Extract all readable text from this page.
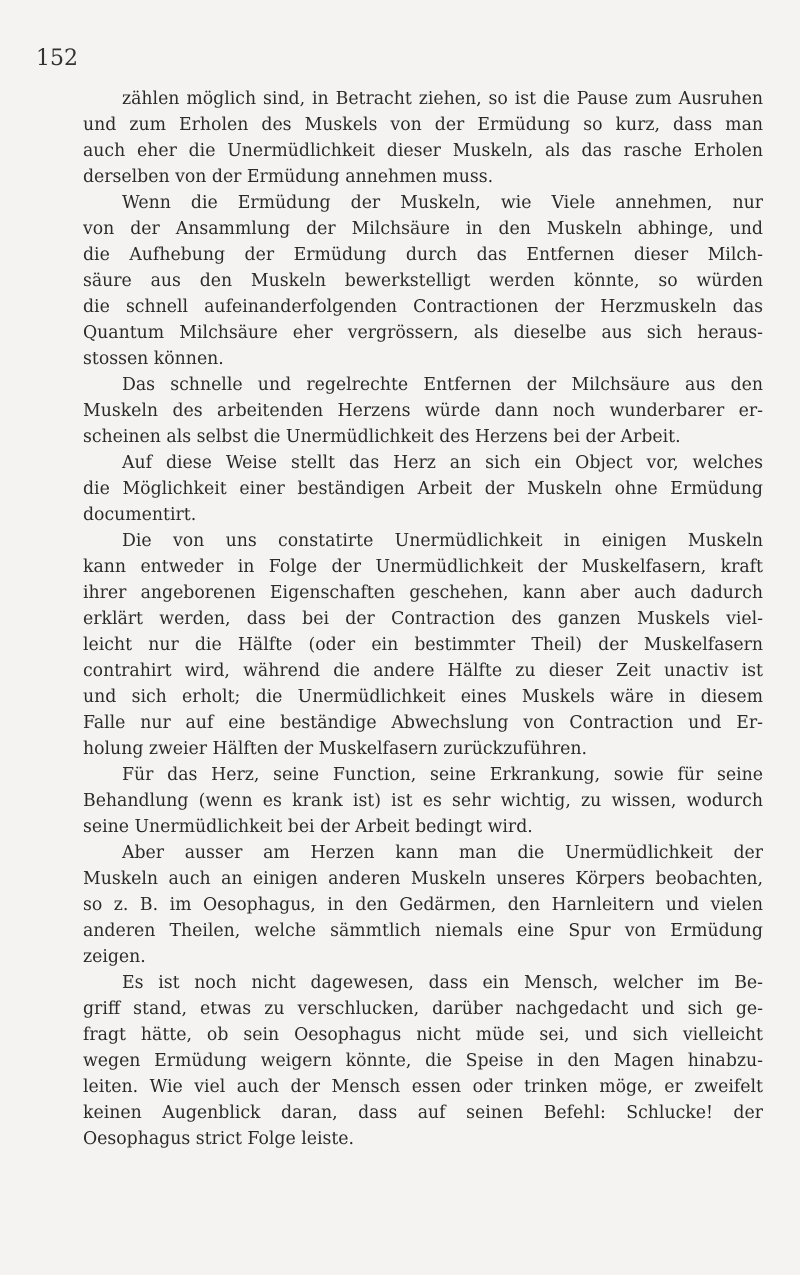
152
zählen möglich sind, in Betracht ziehen, so ist die Pause zum Ausruhen
und zum Erholen des Muskels von der Ermüdung so kurz, dass man
auch eher die Unermüdlichkeit dieser Muskeln, als das rasche Erholen
derselben von der Ermüdung annehmen muss.
Wenn die Ermüdung der Muskeln, wie Viele annehmen, nur
von der Ansammlung der Milchsäure in den Muskeln abhinge, und
die Aufhebung der Ermüdung durch das Entfernen dieser Milch-
säure aus den Muskeln bewerkstelligt werden könnte, so würden
die schnell aufeinanderfolgenden Contractionen der Herzmuskeln das
Quantum Milchsäure eher vergrössern, als dieselbe aus sich heraus-
stossen können.
Das schnelle und regelrechte Entfernen der Milchsäure aus den
Muskeln des arbeitenden Herzens würde dann noch wunderbarer er-
scheinen als selbst die Unermüdlichkeit des Herzens bei der Arbeit.
Auf diese Weise stellt das Herz an sich ein Object vor, welches
die Möglichkeit einer beständigen Arbeit der Muskeln ohne Ermüdung
documentirt.
Die von uns constatirte Unermüdlichkeit in einigen Muskeln
kann entweder in Folge der Unermüdlichkeit der Muskelfasern, kraft
ihrer angeborenen Eigenschaften geschehen, kann aber auch dadurch
erklärt werden, dass bei der Contraction des ganzen Muskels viel-
leicht nur die Hälfte (oder ein bestimmter Theil) der Muskelfasern
contrahirt wird, während die andere Hälfte zu dieser Zeit unactiv ist
und sich erholt; die Unermüdlichkeit eines Muskels wäre in diesem
Falle nur auf eine beständige Abwechslung von Contraction und Er-
holung zweier Hälften der Muskelfasern zurückzuführen.
Für das Herz, seine Function, seine Erkrankung, sowie für seine
Behandlung (wenn es krank ist) ist es sehr wichtig, zu wissen, wodurch
seine Unermüdlichkeit bei der Arbeit bedingt wird.
Aber ausser am Herzen kann man die Unermüdlichkeit der
Muskeln auch an einigen anderen Muskeln unseres Körpers beobachten,
so z. B. im Oesophagus, in den Gedärmen, den Harnleitern und vielen
anderen Theilen, welche sämmtlich niemals eine Spur von Ermüdung
zeigen.
Es ist noch nicht dagewesen, dass ein Mensch, welcher im Be-
griff stand, etwas zu verschlucken, darüber nachgedacht und sich ge-
fragt hätte, ob sein Oesophagus nicht müde sei, und sich vielleicht
wegen Ermüdung weigern könnte, die Speise in den Magen hinabzu-
leiten. Wie viel auch der Mensch essen oder trinken möge, er zweifelt
keinen Augenblick daran, dass auf seinen Befehl: Schlucke! der
Oesophagus strict Folge leiste.
